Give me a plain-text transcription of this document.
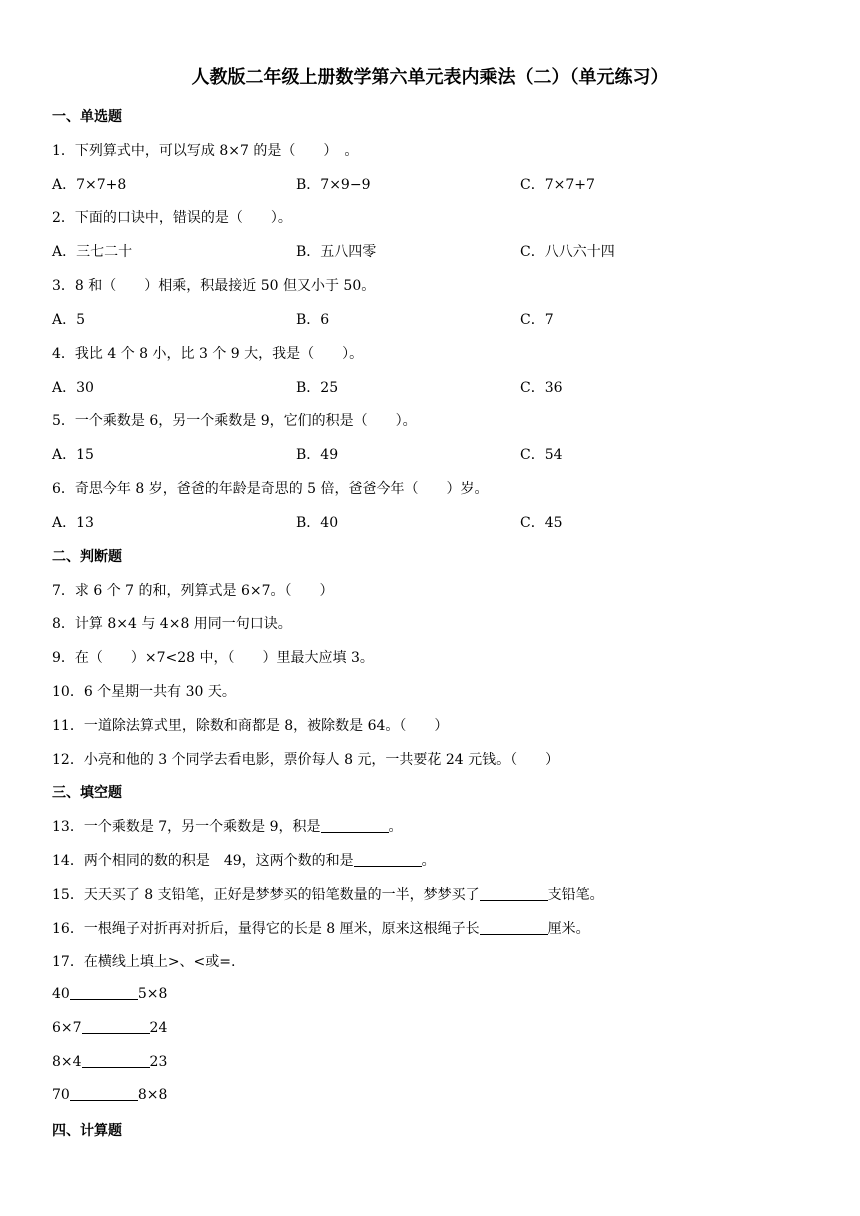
人教版二年级上册数学第六单元表内乘法（二）（单元练习）
一、单选题
1．下列算式中，可以写成 8×7 的是（　　）　。
A．7×7+8	B．7×9−9	C．7×7+7
2．下面的口诀中，错误的是（　　）。
A．三七二十	B．五八四零	C．八八六十四
3．8 和（　　）相乘，积最接近 50 但又小于 50。
A．5	B．6	C．7
4．我比 4 个 8 小，比 3 个 9 大，我是（　　）。
A．30	B．25	C．36
5．一个乘数是 6，另一个乘数是 9，它们的积是（　　）。
A．15	B．49	C．54
6．奇思今年 8 岁，爸爸的年龄是奇思的 5 倍，爸爸今年（　　）岁。
A．13	B．40	C．45
二、判断题
7．求 6 个 7 的和，列算式是 6×7。（　　）
8．计算 8×4 与 4×8 用同一句口诀。
9．在（　　）×7<28 中，（　　）里最大应填 3。
10．6 个星期一共有 30 天。
11．一道除法算式里，除数和商都是 8，被除数是 64。（　　）
12．小亮和他的 3 个同学去看电影，票价每人 8 元，一共要花 24 元钱。（　　）
三、填空题
13．一个乘数是 7，另一个乘数是 9，积是	。
14．两个相同的数的积是　49，这两个数的和是	。
15．天天买了 8 支铅笔，正好是梦梦买的铅笔数量的一半，梦梦买了	支铅笔。
16．一根绳子对折再对折后，量得它的长是 8 厘米，原来这根绳子长	厘米。
17．在横线上填上>、<或=.
40	5×8
6×7	24
8×4	23
70	8×8
四、计算题
